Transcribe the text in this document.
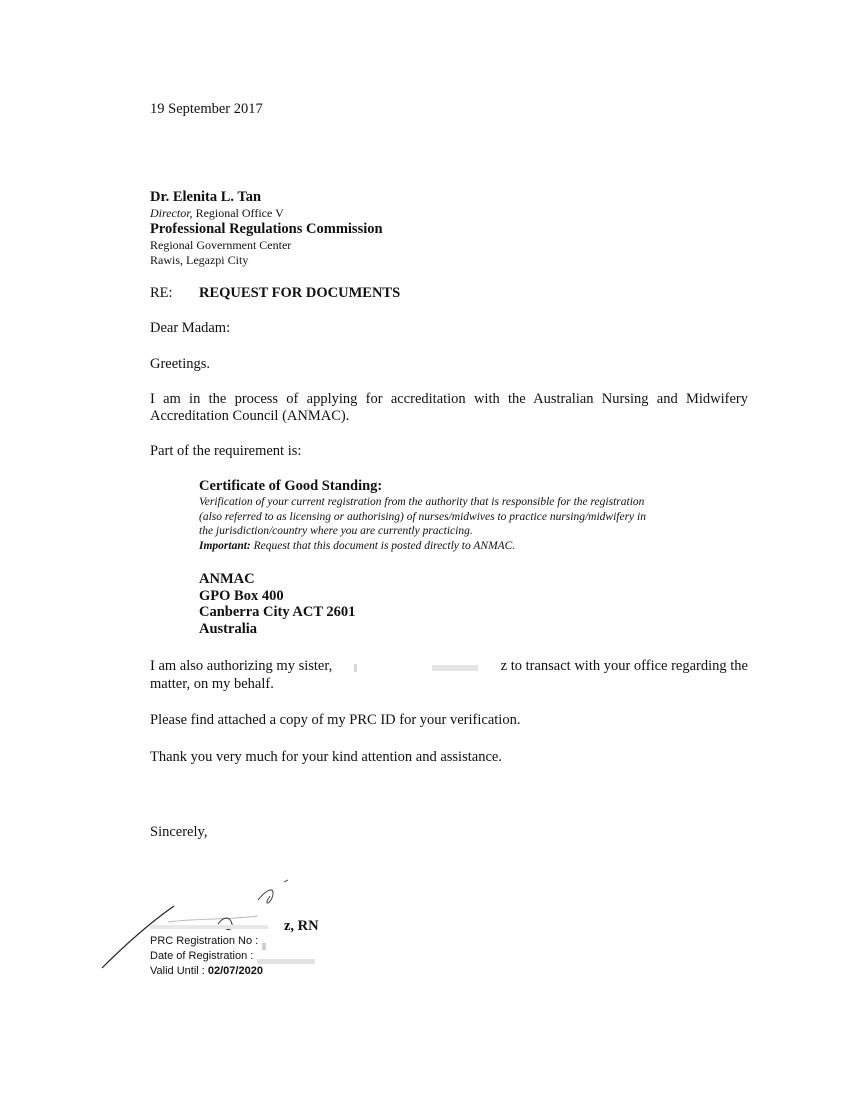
19 September 2017
Dr. Elenita L. Tan
Director, Regional Office V
Professional Regulations Commission
Regional Government Center
Rawis, Legazpi City
RE: REQUEST FOR DOCUMENTS
Dear Madam:
Greetings.
I am in the process of applying for accreditation with the Australian Nursing and Midwifery
Accreditation Council (ANMAC).
Part of the requirement is:
Certificate of Good Standing:
Verification of your current registration from the authority that is responsible for the registration
(also referred to as licensing or authorising) of nurses/midwives to practice nursing/midwifery in
the jurisdiction/country where you are currently practicing.
Important: Request that this document is posted directly to ANMAC.
ANMAC
GPO Box 400
Canberra City ACT 2601
Australia
I am also authorizing my sister,	z to transact with your office regarding the
matter, on my behalf.
Please find attached a copy of my PRC ID for your verification.
Thank you very much for your kind attention and assistance.
Sincerely,
z, RN
PRC Registration No :
Date of Registration :
Valid Until : 02/07/2020
